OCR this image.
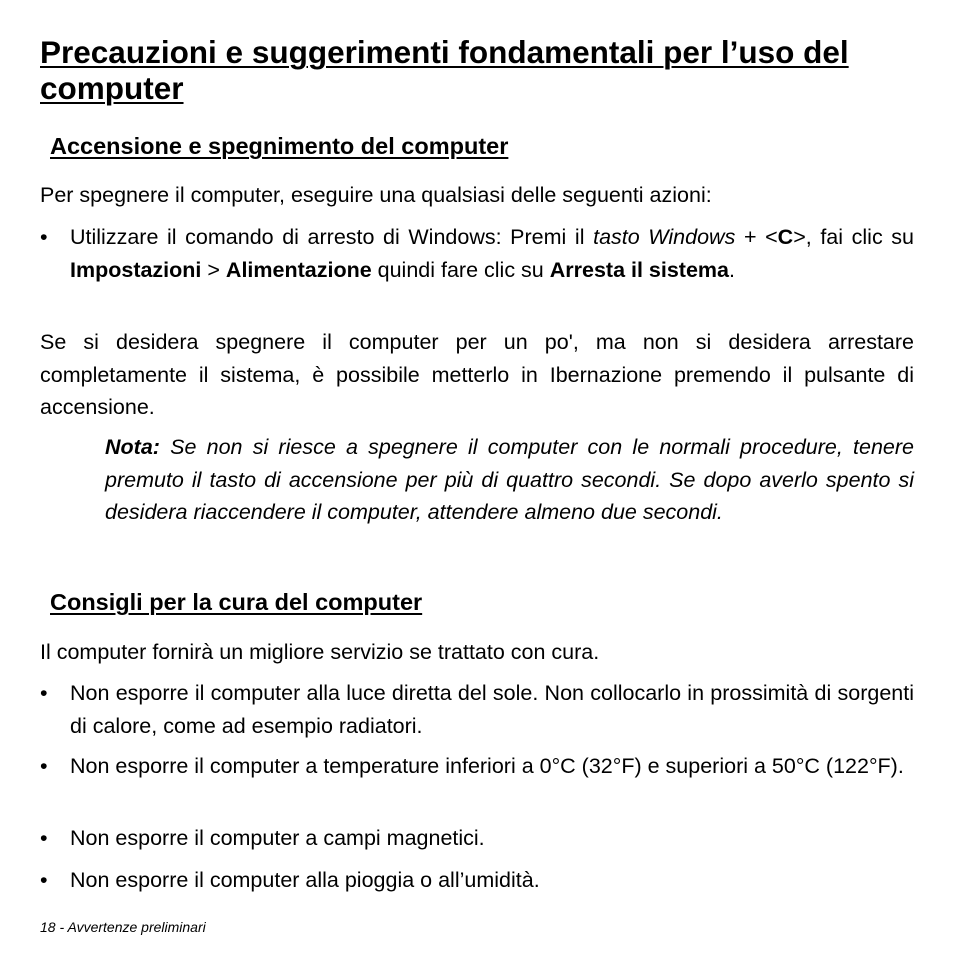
Precauzioni e suggerimenti fondamentali per l’uso del computer
Accensione e spegnimento del computer

Per spegnere il computer, eseguire una qualsiasi delle seguenti azioni:

• Utilizzare il comando di arresto di Windows: Premi il tasto Windows + <C>, fai clic su Impostazioni > Alimentazione quindi fare clic su Arresta il sistema.

Se si desidera spegnere il computer per un po', ma non si desidera arrestare completamente il sistema, è possibile metterlo in Ibernazione premendo il pulsante di accensione.

Nota: Se non si riesce a spegnere il computer con le normali procedure, tenere premuto il tasto di accensione per più di quattro secondi. Se dopo averlo spento si desidera riaccendere il computer, attendere almeno due secondi.

Consigli per la cura del computer

Il computer fornirà un migliore servizio se trattato con cura.

• Non esporre il computer alla luce diretta del sole. Non collocarlo in prossimità di sorgenti di calore, come ad esempio radiatori.
• Non esporre il computer a temperature inferiori a 0°C (32°F) e superiori a 50°C (122°F).
• Non esporre il computer a campi magnetici.
• Non esporre il computer alla pioggia o all’umidità.

18 - Avvertenze preliminari
